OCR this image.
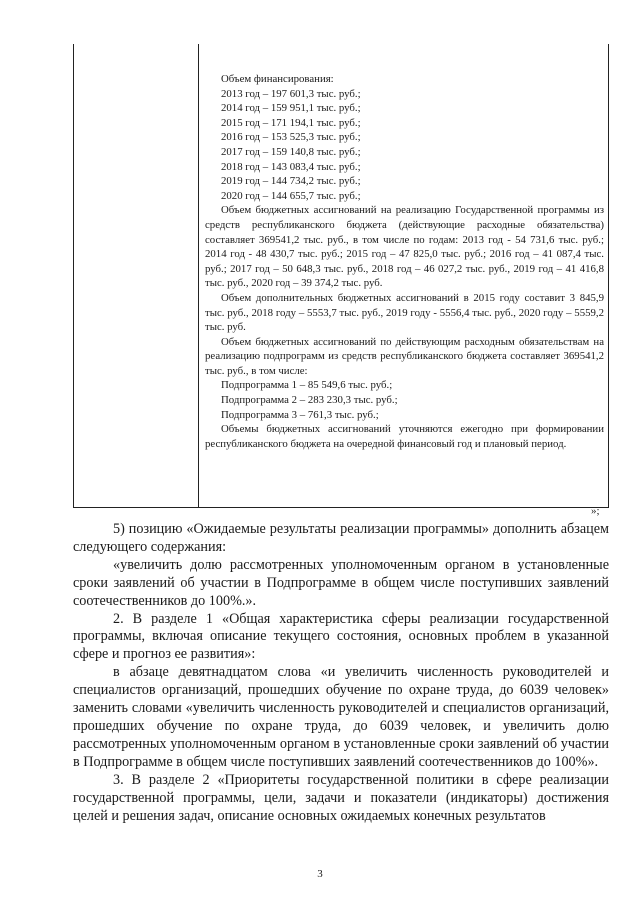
Объем финансирования:

2013 год – 197 601,3 тыс. руб.;

2014 год – 159 951,1 тыс. руб.;

2015 год – 171 194,1 тыс. руб.;

2016 год – 153 525,3 тыс. руб.;

2017 год – 159 140,8 тыс. руб.;

2018 год – 143 083,4 тыс. руб.;

2019 год – 144 734,2 тыс. руб.;

2020 год – 144 655,7 тыс. руб.;

Объем бюджетных ассигнований на реализацию Государственной программы из средств республиканского бюджета (действующие расходные обязательства) составляет 369541,2 тыс. руб., в том числе по годам: 2013 год - 54 731,6 тыс. руб.; 2014 год - 48 430,7 тыс. руб.; 2015 год – 47 825,0 тыс. руб.; 2016 год – 41 087,4 тыс. руб.; 2017 год – 50 648,3 тыс. руб., 2018 год – 46 027,2 тыс. руб., 2019 год – 41 416,8 тыс. руб., 2020 год – 39 374,2 тыс. руб.

Объем дополнительных бюджетных ассигнований в 2015 году составит 3 845,9 тыс. руб., 2018 году – 5553,7 тыс. руб., 2019 году - 5556,4 тыс. руб., 2020 году – 5559,2 тыс. руб.

Объем бюджетных ассигнований по действующим расходным обязательствам на реализацию подпрограмм из средств республиканского бюджета составляет 369541,2 тыс. руб., в том числе:

Подпрограмма 1 – 85 549,6 тыс. руб.;

Подпрограмма 2 – 283 230,3 тыс. руб.;

Подпрограмма 3 – 761,3 тыс. руб.;

Объемы бюджетных ассигнований уточняются ежегодно при формировании республиканского бюджета на очередной финансовый год и плановый период.

»;

5) позицию «Ожидаемые результаты реализации программы» дополнить абзацем следующего содержания:

«увеличить долю рассмотренных уполномоченным органом в установленные сроки заявлений об участии в Подпрограмме в общем числе поступивших заявлений соотечественников до 100%.».

2. В разделе 1 «Общая характеристика сферы реализации государственной программы, включая описание текущего состояния, основных проблем в указанной сфере и прогноз ее развития»:

в абзаце девятнадцатом слова «и увеличить численность руководителей и специалистов организаций, прошедших обучение по охране труда, до 6039 человек» заменить словами «увеличить численность руководителей и специалистов организаций, прошедших обучение по охране труда, до 6039 человек, и увеличить долю рассмотренных уполномоченным органом в установленные сроки заявлений об участии в Подпрограмме в общем числе поступивших заявлений соотечественников до 100%».

3. В разделе 2 «Приоритеты государственной политики в сфере реализации государственной программы, цели, задачи и показатели (индикаторы) достижения целей и решения задач, описание основных ожидаемых конечных результатов

3
